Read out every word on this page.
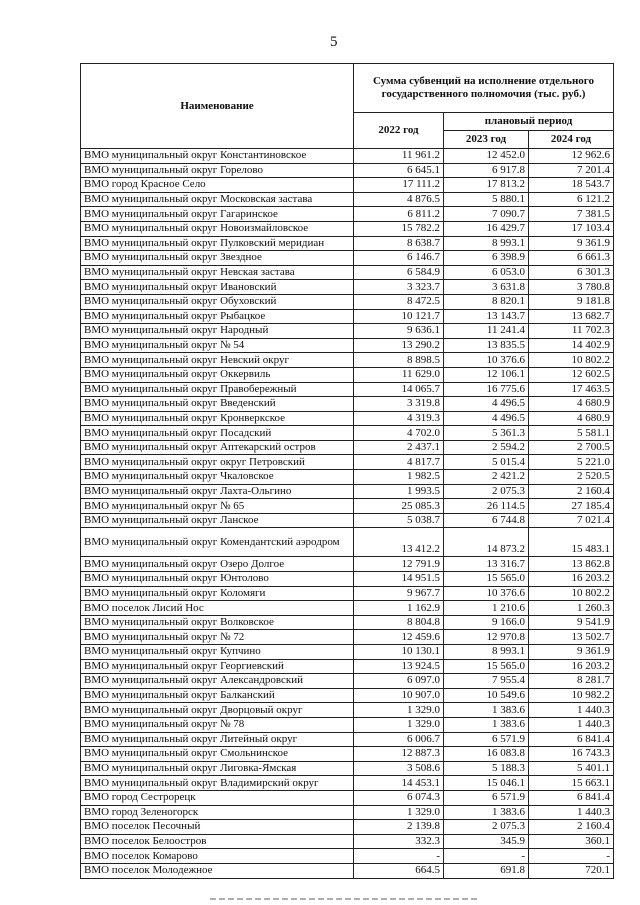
5
Наименование	Сумма субвенций на исполнение отдельного государственного полномочия (тыс. руб.)		
	2022 год	плановый период	
		2023 год	2024 год
ВМО муниципальный округ Константиновское	11 961.2	12 452.0	12 962.6
ВМО муниципальный округ Горелово	6 645.1	6 917.8	7 201.4
ВМО город Красное Село	17 111.2	17 813.2	18 543.7
ВМО муниципальный округ Московская застава	4 876.5	5 880.1	6 121.2
ВМО муниципальный округ Гагаринское	6 811.2	7 090.7	7 381.5
ВМО муниципальный округ Новоизмайловское	15 782.2	16 429.7	17 103.4
ВМО муниципальный округ Пулковский меридиан	8 638.7	8 993.1	9 361.9
ВМО муниципальный округ Звездное	6 146.7	6 398.9	6 661.3
ВМО муниципальный округ Невская застава	6 584.9	6 053.0	6 301.3
ВМО муниципальный округ Ивановский	3 323.7	3 631.8	3 780.8
ВМО муниципальный округ Обуховский	8 472.5	8 820.1	9 181.8
ВМО муниципальный округ Рыбацкое	10 121.7	13 143.7	13 682.7
ВМО муниципальный округ Народный	9 636.1	11 241.4	11 702.3
ВМО муниципальный округ № 54	13 290.2	13 835.5	14 402.9
ВМО муниципальный округ Невский округ	8 898.5	10 376.6	10 802.2
ВМО муниципальный округ Оккервиль	11 629.0	12 106.1	12 602.5
ВМО муниципальный округ Правобережный	14 065.7	16 775.6	17 463.5
ВМО муниципальный округ Введенский	3 319.8	4 496.5	4 680.9
ВМО муниципальный округ Кронверкское	4 319.3	4 496.5	4 680.9
ВМО муниципальный округ Посадский	4 702.0	5 361.3	5 581.1
ВМО муниципальный округ Аптекарский остров	2 437.1	2 594.2	2 700.5
ВМО муниципальный округ округ Петровский	4 817.7	5 015.4	5 221.0
ВМО муниципальный округ Чкаловское	1 982.5	2 421.2	2 520.5
ВМО муниципальный округ Лахта-Ольгино	1 993.5	2 075.3	2 160.4
ВМО муниципальный округ № 65	25 085.3	26 114.5	27 185.4
ВМО муниципальный округ Ланское	5 038.7	6 744.8	7 021.4
ВМО муниципальный округ Комендантский аэродром	13 412.2	14 873.2	15 483.1
ВМО муниципальный округ Озеро Долгое	12 791.9	13 316.7	13 862.8
ВМО муниципальный округ Юнтолово	14 951.5	15 565.0	16 203.2
ВМО муниципальный округ Коломяги	9 967.7	10 376.6	10 802.2
ВМО поселок Лисий Нос	1 162.9	1 210.6	1 260.3
ВМО муниципальный округ Волковское	8 804.8	9 166.0	9 541.9
ВМО муниципальный округ № 72	12 459.6	12 970.8	13 502.7
ВМО муниципальный округ Купчино	10 130.1	8 993.1	9 361.9
ВМО муниципальный округ Георгиевский	13 924.5	15 565.0	16 203.2
ВМО муниципальный округ Александровский	6 097.0	7 955.4	8 281.7
ВМО муниципальный округ Балканский	10 907.0	10 549.6	10 982.2
ВМО муниципальный округ Дворцовый округ	1 329.0	1 383.6	1 440.3
ВМО муниципальный округ № 78	1 329.0	1 383.6	1 440.3
ВМО муниципальный округ Литейный округ	6 006.7	6 571.9	6 841.4
ВМО муниципальный округ Смольнинское	12 887.3	16 083.8	16 743.3
ВМО муниципальный округ Лиговка-Ямская	3 508.6	5 188.3	5 401.1
ВМО муниципальный округ Владимирский округ	14 453.1	15 046.1	15 663.1
ВМО город Сестрорецк	6 074.3	6 571.9	6 841.4
ВМО город Зеленогорск	1 329.0	1 383.6	1 440.3
ВМО поселок Песочный	2 139.8	2 075.3	2 160.4
ВМО поселок Белоостров	332.3	345.9	360.1
ВМО поселок Комарово	-	-	-
ВМО поселок Молодежное	664.5	691.8	720.1
